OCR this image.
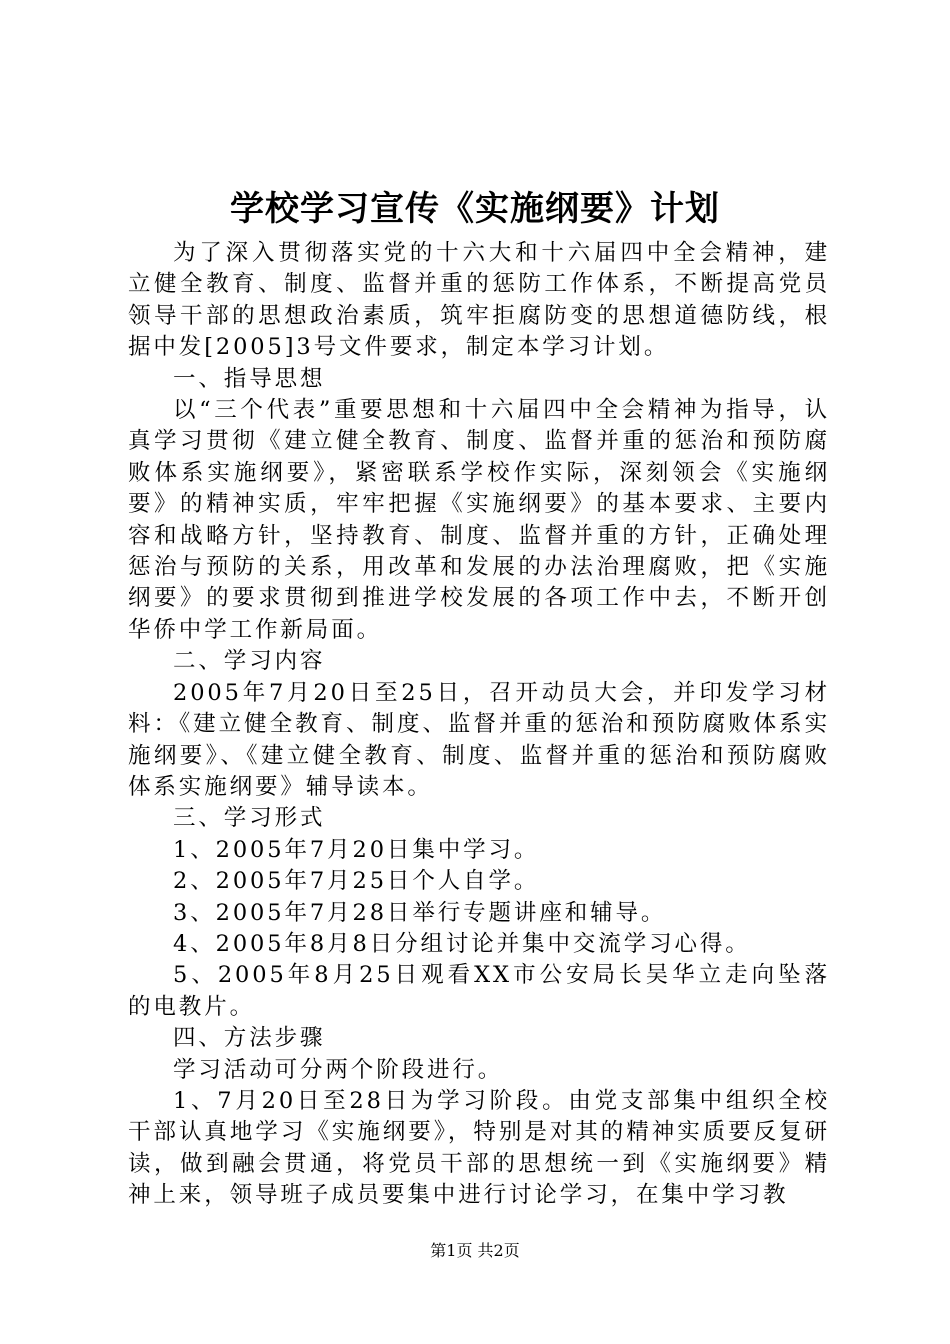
学校学习宣传《实施纲要》计划

为了深入贯彻落实党的十六大和十六届四中全会精神，建立健全教育、制度、监督并重的惩防工作体系，不断提高党员领导干部的思想政治素质，筑牢拒腐防变的思想道德防线，根据中发[2005]3号文件要求，制定本学习计划。

一、指导思想

以“三个代表”重要思想和十六届四中全会精神为指导，认真学习贯彻《建立健全教育、制度、监督并重的惩治和预防腐败体系实施纲要》，紧密联系学校作实际，深刻领会《实施纲要》的精神实质，牢牢把握《实施纲要》的基本要求、主要内容和战略方针，坚持教育、制度、监督并重的方针，正确处理惩治与预防的关系，用改革和发展的办法治理腐败，把《实施纲要》的要求贯彻到推进学校发展的各项工作中去，不断开创华侨中学工作新局面。

二、学习内容

2005年7月20日至25日，召开动员大会，并印发学习材料：《建立健全教育、制度、监督并重的惩治和预防腐败体系实施纲要》、《建立健全教育、制度、监督并重的惩治和预防腐败体系实施纲要》辅导读本。

三、学习形式

1、2005年7月20日集中学习。

2、2005年7月25日个人自学。

3、2005年7月28日举行专题讲座和辅导。

4、2005年8月8日分组讨论并集中交流学习心得。

5、2005年8月25日观看XX市公安局长吴华立走向坠落的电教片。

四、方法步骤

学习活动可分两个阶段进行。

1、7月20日至28日为学习阶段。由党支部集中组织全校干部认真地学习《实施纲要》，特别是对其的精神实质要反复研读，做到融会贯通，将党员干部的思想统一到《实施纲要》精神上来，领导班子成员要集中进行讨论学习，在集中学习教

第1页 共2页
